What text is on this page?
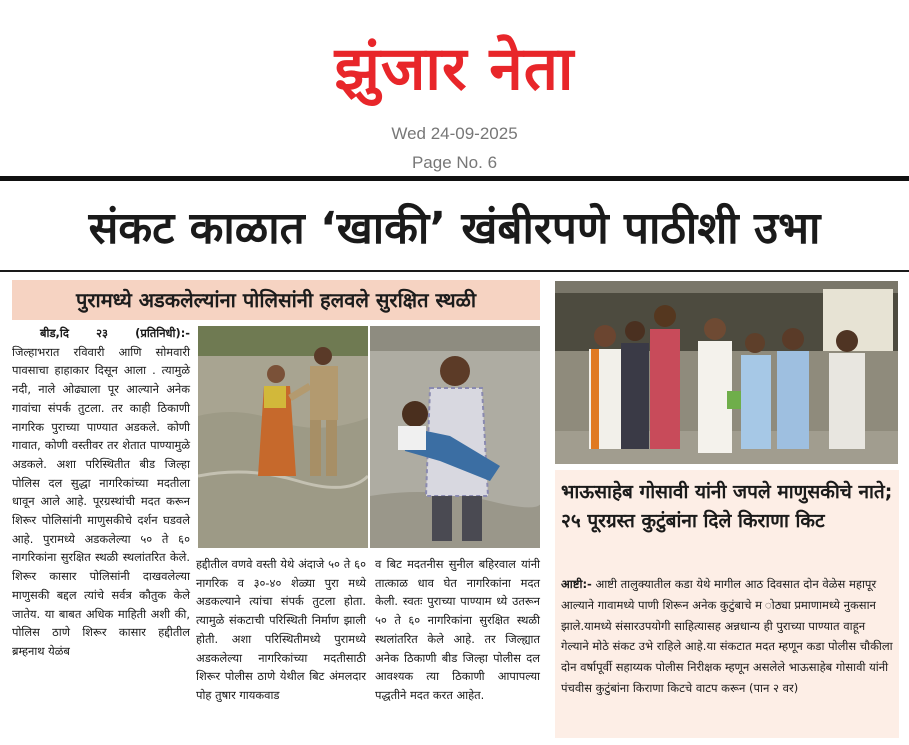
झुंजार नेता
Wed 24-09-2025
Page No. 6
संकट काळात ‘खाकी’ खंबीरपणे पाठीशी उभा
पुरामध्ये अडकलेल्यांना पोलिसांनी हलवले सुरक्षित स्थळी
बीड,दि २३ (प्रतिनिधी):- जिल्हाभरात रविवारी आणि सोमवारी पावसाचा हाहाकार दिसून आला . त्यामुळे नदी, नाले ओढ्याला पूर आल्याने अनेक गावांचा संपर्क तुटला. तर काही ठिकाणी नागरिक पुराच्या पाण्यात अडकले. कोणी गावात, कोणी वस्तीवर तर शेतात पाण्यामुळे अडकले. अशा परिस्थितीत बीड जिल्हा पोलिस दल सुद्धा नागरिकांच्या मदतीला धावून आले आहे. पूरग्रस्थांची मदत करून शिरूर पोलिसांनी माणुसकीचे दर्शन घडवले आहे. पुरामध्ये अडकलेल्या ५० ते ६० नागरिकांना सुरक्षित स्थळी स्थलांतरित केले. शिरूर कासार पोलिसांनी दाखवलेल्या माणुसकी बद्दल त्यांचे सर्वत्र कौतुक केले जातेय. या बाबत अधिक माहिती अशी की, पोलिस ठाणे शिरूर कासार हद्दीतील ब्रम्हनाथ येळंब
हद्दीतील वणवे वस्ती येथे अंदाजे ५० ते ६० नागरिक व ३०-४० शेळ्या पुरा मध्ये अडकल्याने त्यांचा संपर्क तुटला होता. त्यामुळे संकटाची परिस्थिती निर्माण झाली होती. अशा परिस्थितीमध्ये पुरामध्ये अडकलेल्या नागरिकांच्या मदतीसाठी शिरूर पोलीस ठाणे येथील बिट अंमलदार पोह तुषार गायकवाड
व बिट मदतनीस सुनील बहिरवाल यांनी तात्काळ धाव घेत नागरिकांना मदत केली. स्वतः पुराच्या पाण्याम ध्ये उतरून ५० ते ६० नागरिकांना सुरक्षित स्थळी स्थलांतरित केले आहे. तर जिल्ह्यात अनेक ठिकाणी बीड जिल्हा पोलीस दल आवश्यक त्या ठिकाणी आपापल्या पद्धतीने मदत करत आहेत.
भाऊसाहेब गोसावी यांनी जपले माणुसकीचे नाते; २५ पूरग्रस्त कुटुंबांना दिले किराणा किट
आष्टी:- आष्टी तालुक्यातील कडा येथे मागील आठ दिवसात दोन वेळेस महापूर आल्याने गावामध्ये पाणी शिरून अनेक कुटुंबाचे म ोठ्या प्रमाणामध्ये नुकसान झाले.यामध्ये संसारउपयोगी साहित्यासह अन्नधान्य ही पुराच्या पाण्यात वाहून गेल्याने मोठे संकट उभे राहिले आहे.या संकटात मदत म्हणून कडा पोलीस चौकीला दोन वर्षापूर्वी सहाय्यक पोलीस निरीक्षक म्हणून असलेले भाऊसाहेब गोसावी यांनी पंचवीस कुटुंबांना किराणा किटचे वाटप करून (पान २ वर)
